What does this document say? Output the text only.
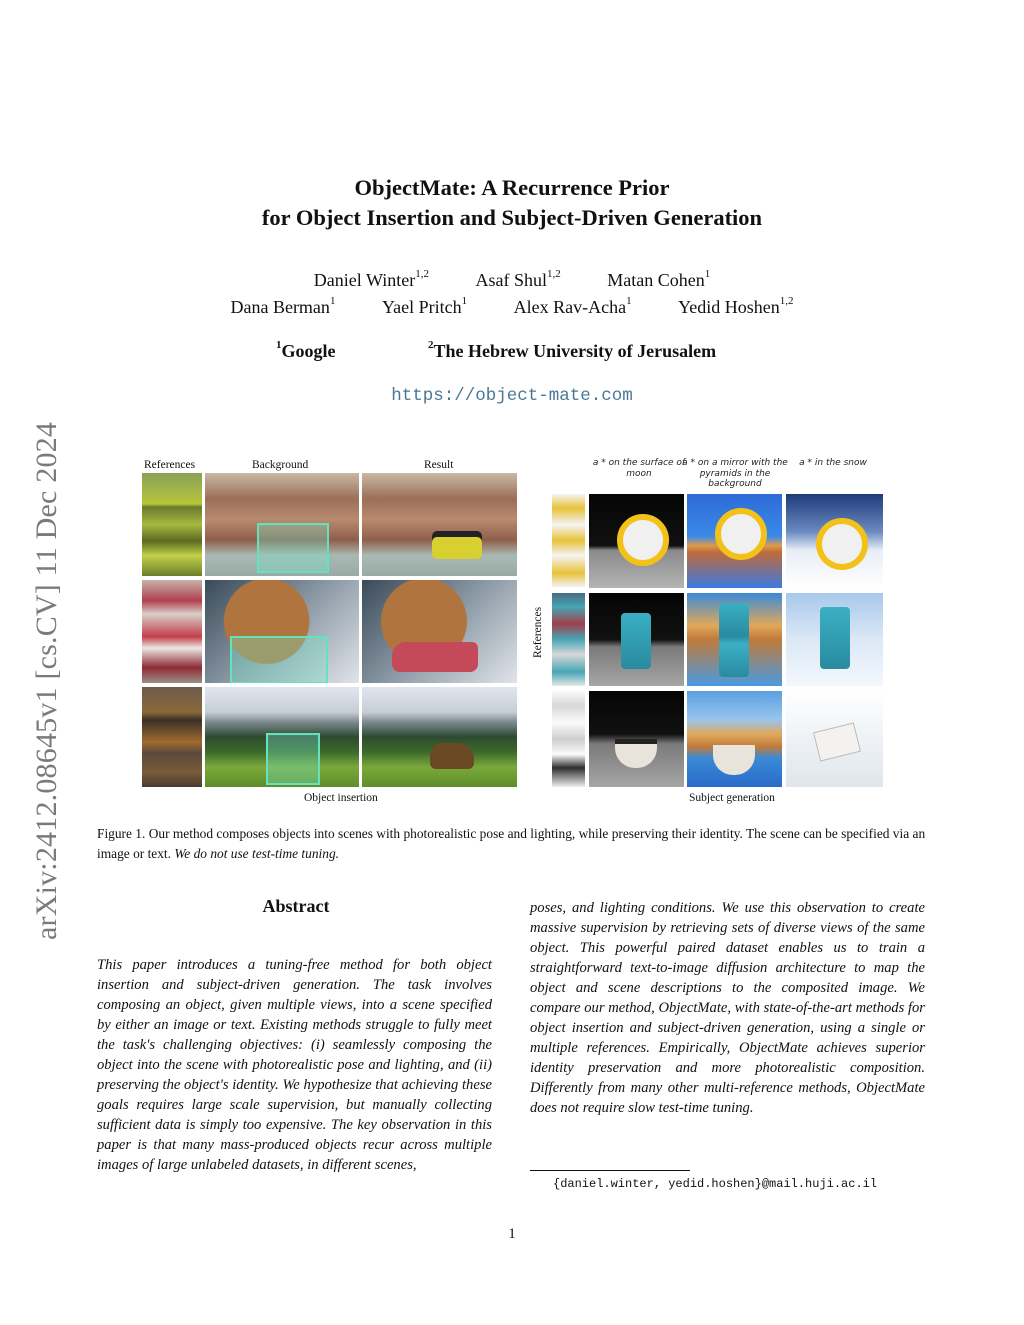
arXiv:2412.08645v1 [cs.CV] 11 Dec 2024
ObjectMate: A Recurrence Prior
for Object Insertion and Subject-Driven Generation
Daniel Winter$^{1,2}$	Asaf Shul$^{1,2}$	Matan Cohen$^1$
Dana Berman$^1$	Yael Pritch$^1$	Alex Rav-Acha$^1$	Yedid Hoshen$^{1,2}$
$^1$Google	$^2$The Hebrew University of Jerusalem
https://object-mate.com
References	Background	Result
Object insertion
a * on the surface of moon
a * on a mirror with the pyramids in the background
a * in the snow
References
Subject generation
Figure 1. Our method composes objects into scenes with photorealistic pose and lighting, while preserving their identity. The scene can be specified via an image or text. We do not use test-time tuning.
Abstract
This paper introduces a tuning-free method for both object insertion and subject-driven generation. The task involves composing an object, given multiple views, into a scene specified by either an image or text. Existing methods struggle to fully meet the task's challenging objectives: (i) seamlessly composing the object into the scene with photorealistic pose and lighting, and (ii) preserving the object's identity. We hypothesize that achieving these goals requires large scale supervision, but manually collecting sufficient data is simply too expensive. The key observation in this paper is that many mass-produced objects recur across multiple images of large unlabeled datasets, in different scenes,
poses, and lighting conditions. We use this observation to create massive supervision by retrieving sets of diverse views of the same object. This powerful paired dataset enables us to train a straightforward text-to-image diffusion architecture to map the object and scene descriptions to the composited image. We compare our method, ObjectMate, with state-of-the-art methods for object insertion and subject-driven generation, using a single or multiple references. Empirically, ObjectMate achieves superior identity preservation and more photorealistic composition. Differently from many other multi-reference methods, ObjectMate does not require slow test-time tuning.
{daniel.winter, yedid.hoshen}@mail.huji.ac.il
1
